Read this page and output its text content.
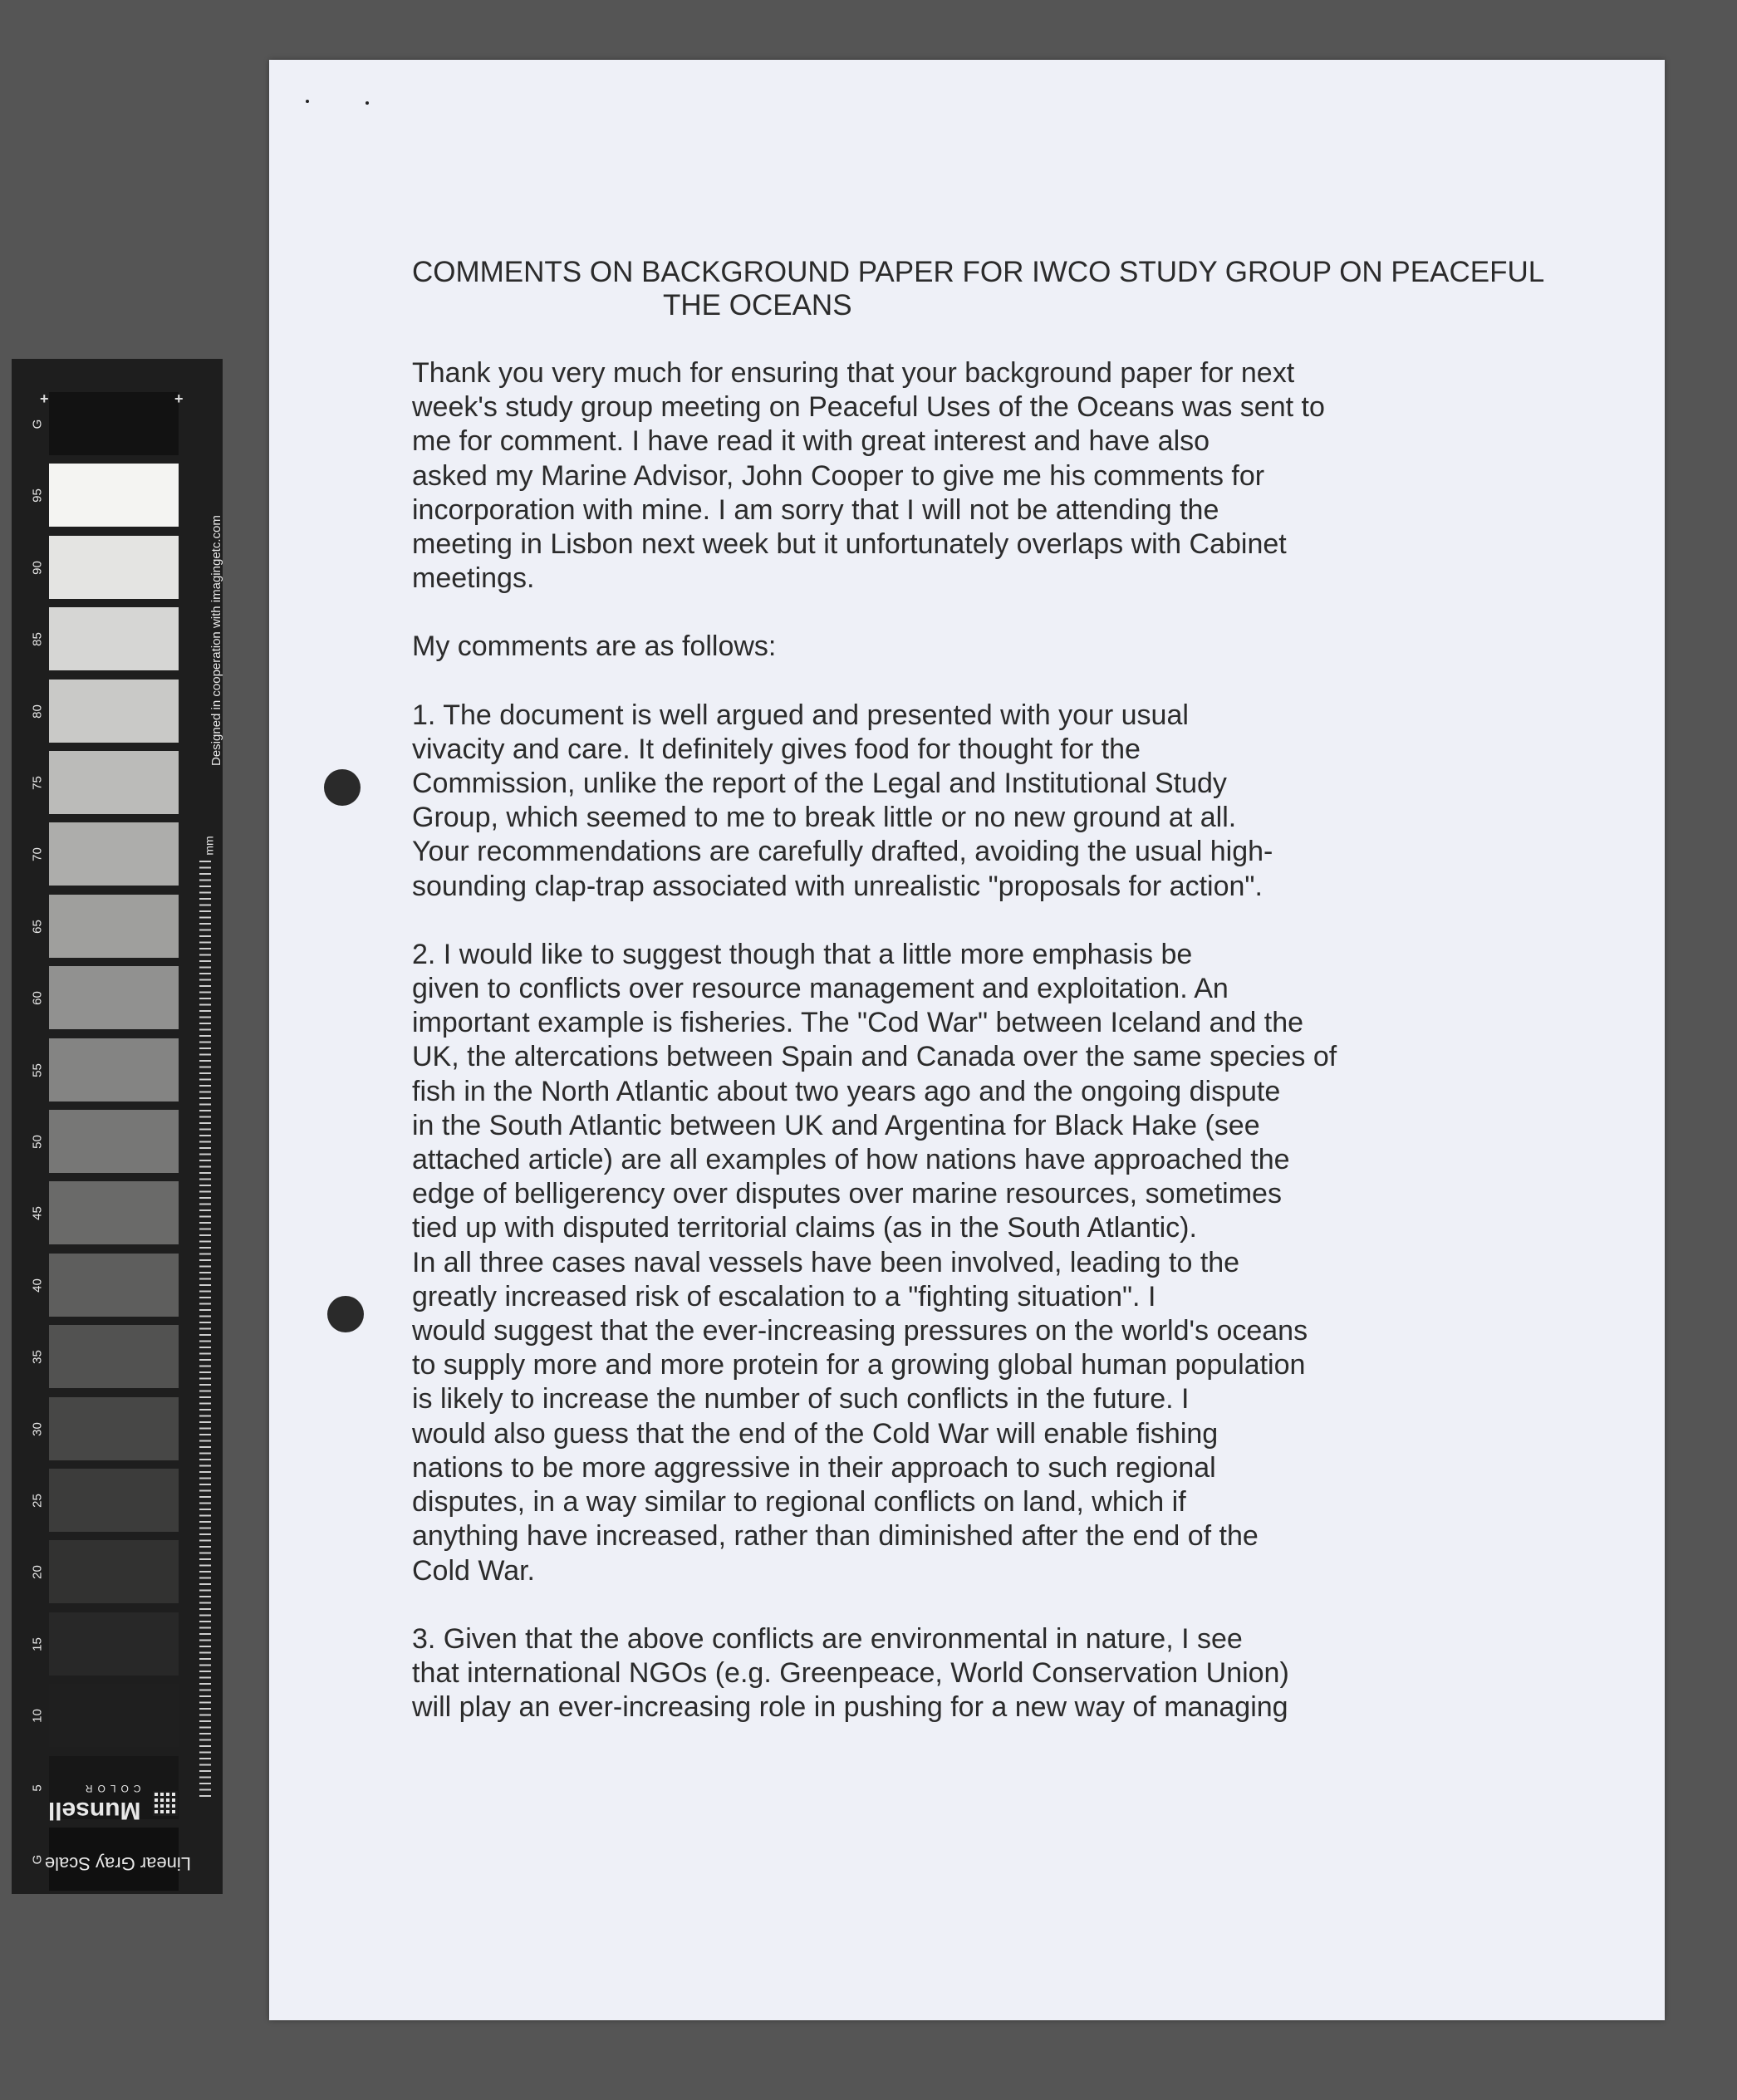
G
95
90
85
80
75
70
65
60
55
50
45
40
35
30
25
20
15
10
5
G
+	+
Designed in cooperation with imagingetc.com
mm
Linear Gray Scale
Munsell
COLOR
COMMENTS ON BACKGROUND PAPER FOR IWCO STUDY GROUP ON PEACEFUL
THE OCEANS

Thank you very much for ensuring that your background paper for next
week's study group meeting on Peaceful Uses of the Oceans was sent to
me for comment. I have read it with great interest and have also
asked my Marine Advisor, John Cooper to give me his comments for
incorporation with mine. I am sorry that I will not be attending the
meeting in Lisbon next week but it unfortunately overlaps with Cabinet
meetings.

My comments are as follows:

1. The document is well argued and presented with your usual
vivacity and care. It definitely gives food for thought for the
Commission, unlike the report of the Legal and Institutional Study
Group, which seemed to me to break little or no new ground at all.
Your recommendations are carefully drafted, avoiding the usual high-
sounding clap-trap associated with unrealistic "proposals for action".

2. I would like to suggest though that a little more emphasis be
given to conflicts over resource management and exploitation. An
important example is fisheries. The "Cod War" between Iceland and the
UK, the altercations between Spain and Canada over the same species of
fish in the North Atlantic about two years ago and the ongoing dispute
in the South Atlantic between UK and Argentina for Black Hake (see
attached article) are all examples of how nations have approached the
edge of belligerency over disputes over marine resources, sometimes
tied up with disputed territorial claims (as in the South Atlantic).
In all three cases naval vessels have been involved, leading to the
greatly increased risk of escalation to a "fighting situation". I
would suggest that the ever-increasing pressures on the world's oceans
to supply more and more protein for a growing global human population
is likely to increase the number of such conflicts in the future. I
would also guess that the end of the Cold War will enable fishing
nations to be more aggressive in their approach to such regional
disputes, in a way similar to regional conflicts on land, which if
anything have increased, rather than diminished after the end of the
Cold War.

3. Given that the above conflicts are environmental in nature, I see
that international NGOs (e.g. Greenpeace, World Conservation Union)
will play an ever-increasing role in pushing for a new way of managing
